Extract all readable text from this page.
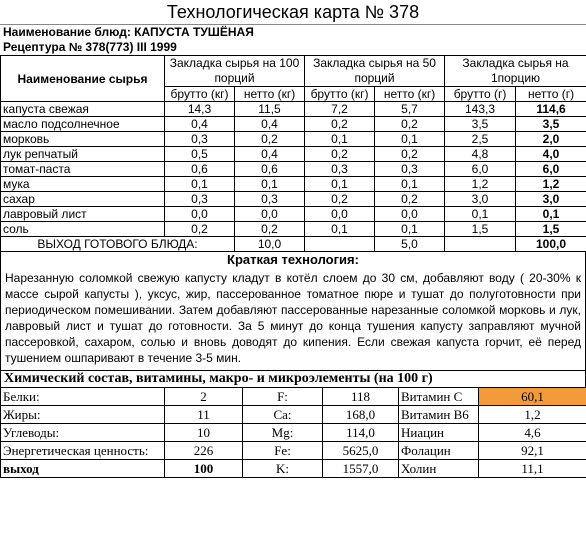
Технологическая карта № 378
Наименование блюд: КАПУСТА ТУШЁНАЯ
Рецептура № 378(773) III 1999
Наименование сырья	Закладка сырья на 100 порций		Закладка сырья на 50 порций		Закладка сырья на 1порцию	
	брутто (кг)	нетто (кг)	брутто (кг)	нетто (кг)	брутто (г)	нетто (г)
капуста свежая	14,3	11,5	7,2	5,7	143,3	114,6
масло подсолнечное	0,4	0,4	0,2	0,2	3,5	3,5
морковь	0,3	0,2	0,1	0,1	2,5	2,0
лук репчатый	0,5	0,4	0,2	0,2	4,8	4,0
томат-паста	0,6	0,6	0,3	0,3	6,0	6,0
мука	0,1	0,1	0,1	0,1	1,2	1,2
сахар	0,3	0,3	0,2	0,2	3,0	3,0
лавровый лист	0,0	0,0	0,0	0,0	0,1	0,1
соль	0,2	0,2	0,1	0,1	1,5	1,5
ВЫХОД ГОТОВОГО БЛЮДА:		10,0		5,0		100,0
Краткая технология:
Нарезанную соломкой свежую капусту кладут в котёл слоем до 30 см, добавляют воду ( 20-30% к массе сырой капусты ), уксус, жир, пассерованное томатное пюре и тушат до полуготовности при периодическом помешивании. Затем добавляют пассерованные нарезанные соломкой морковь и лук, лавровый лист и тушат до готовности. За 5 минут до конца тушения капусту заправляют мучной пассеровкой, сахаром, солью и вновь доводят до кипения. Если свежая капуста горчит, её перед тушением ошпаривают в течение 3-5 мин.
Химический состав, витамины, макро- и микроэлементы (на 100 г)
Белки:	2	F:	118	Витамин С	60,1
Жиры:	11	Ca:	168,0	Витамин В6	1,2
Углеводы:	10	Mg:	114,0	Ниацин	4,6
Энергетическая ценность:	226	Fe:	5625,0	Фолацин	92,1
выход	100	K:	1557,0	Холин	11,1
